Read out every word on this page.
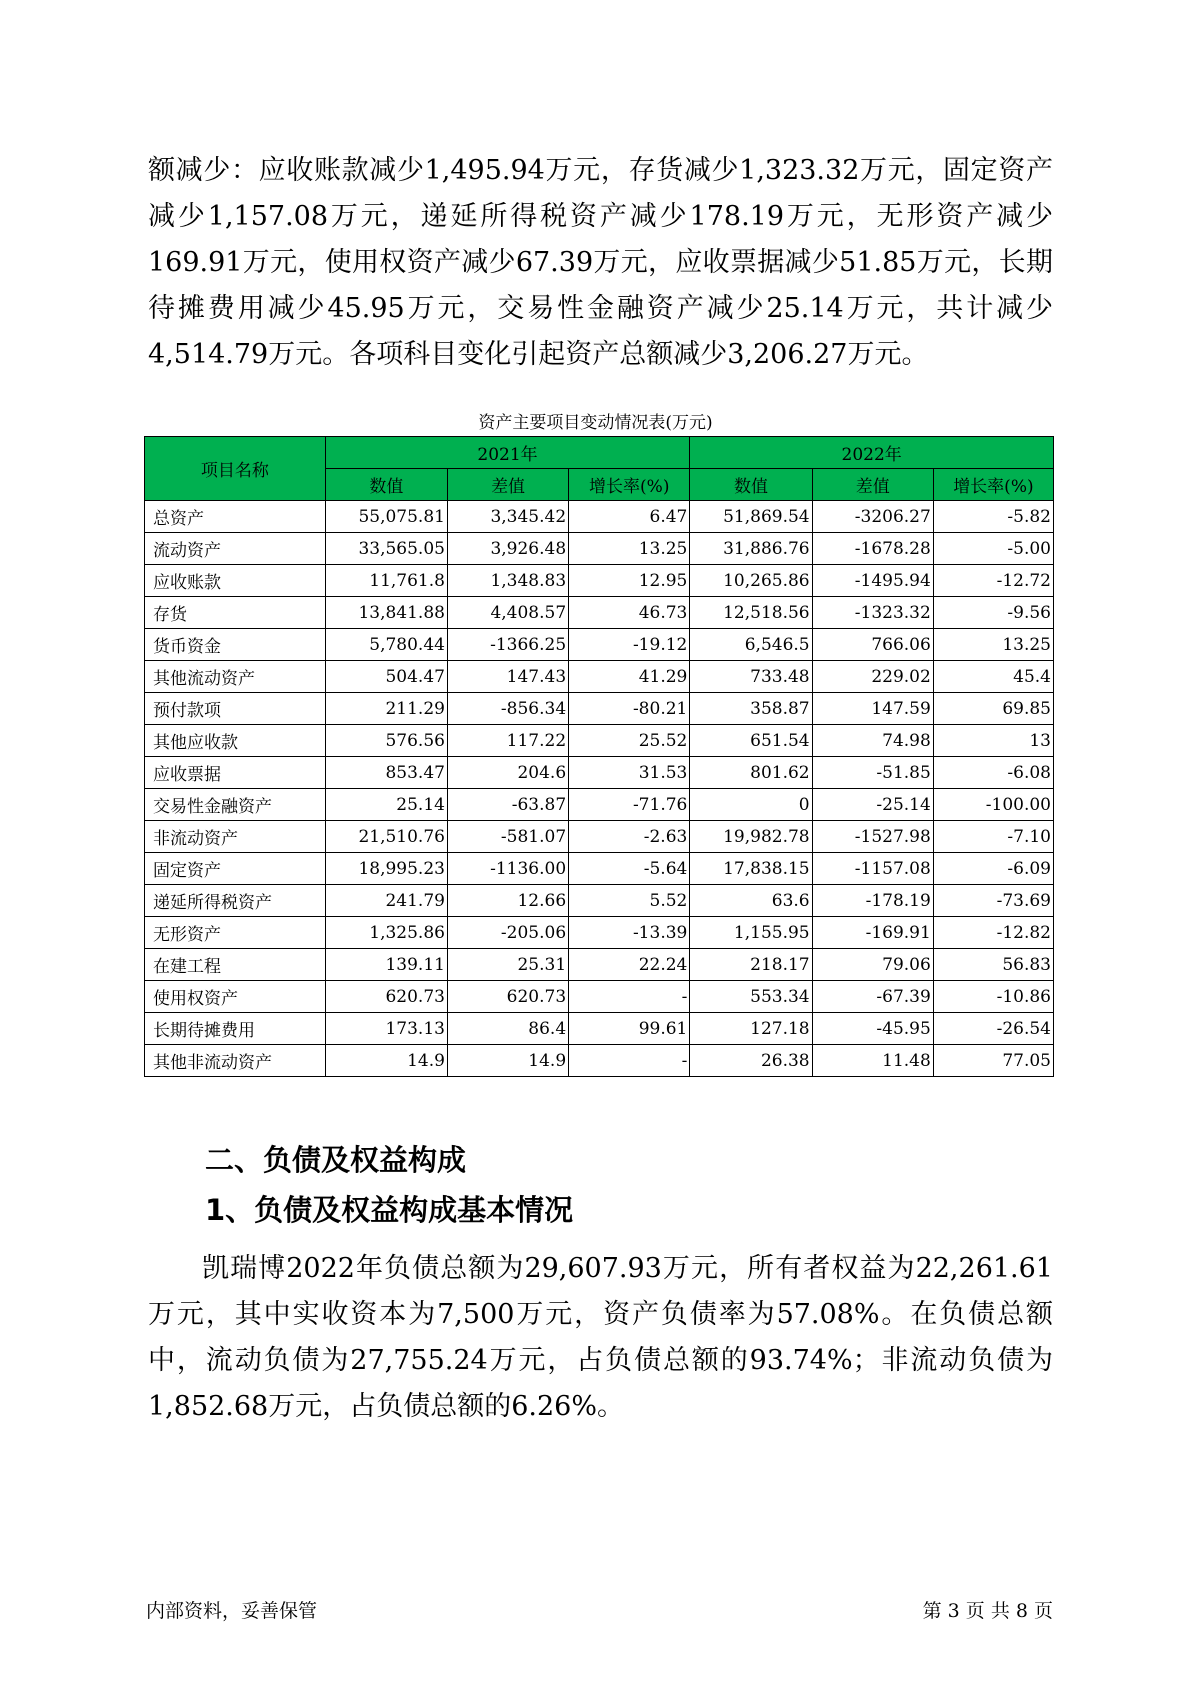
额减少：应收账款减少1,495.94万元，存货减少1,323.32万元，固定资产减少1,157.08万元，递延所得税资产减少178.19万元，无形资产减少169.91万元，使用权资产减少67.39万元，应收票据减少51.85万元，长期待摊费用减少45.95万元，交易性金融资产减少25.14万元，共计减少4,514.79万元。各项科目变化引起资产总额减少3,206.27万元。

资产主要项目变动情况表(万元)
项目名称	2021年			2022年		
	数值	差值	增长率(%)	数值	差值	增长率(%)
总资产	55,075.81	3,345.42	6.47	51,869.54	-3206.27	-5.82
流动资产	33,565.05	3,926.48	13.25	31,886.76	-1678.28	-5.00
应收账款	11,761.8	1,348.83	12.95	10,265.86	-1495.94	-12.72
存货	13,841.88	4,408.57	46.73	12,518.56	-1323.32	-9.56
货币资金	5,780.44	-1366.25	-19.12	6,546.5	766.06	13.25
其他流动资产	504.47	147.43	41.29	733.48	229.02	45.4
预付款项	211.29	-856.34	-80.21	358.87	147.59	69.85
其他应收款	576.56	117.22	25.52	651.54	74.98	13
应收票据	853.47	204.6	31.53	801.62	-51.85	-6.08
交易性金融资产	25.14	-63.87	-71.76	0	-25.14	-100.00
非流动资产	21,510.76	-581.07	-2.63	19,982.78	-1527.98	-7.10
固定资产	18,995.23	-1136.00	-5.64	17,838.15	-1157.08	-6.09
递延所得税资产	241.79	12.66	5.52	63.6	-178.19	-73.69
无形资产	1,325.86	-205.06	-13.39	1,155.95	-169.91	-12.82
在建工程	139.11	25.31	22.24	218.17	79.06	56.83
使用权资产	620.73	620.73	-	553.34	-67.39	-10.86
长期待摊费用	173.13	86.4	99.61	127.18	-45.95	-26.54
其他非流动资产	14.9	14.9	-	26.38	11.48	77.05
二、负债及权益构成
1、负债及权益构成基本情况

凯瑞博2022年负债总额为29,607.93万元，所有者权益为22,261.61万元，其中实收资本为7,500万元，资产负债率为57.08%。在负债总额中，流动负债为27,755.24万元，占负债总额的93.74%；非流动负债为1,852.68万元，占负债总额的6.26%。

内部资料，妥善保管	第 3 页 共 8 页
